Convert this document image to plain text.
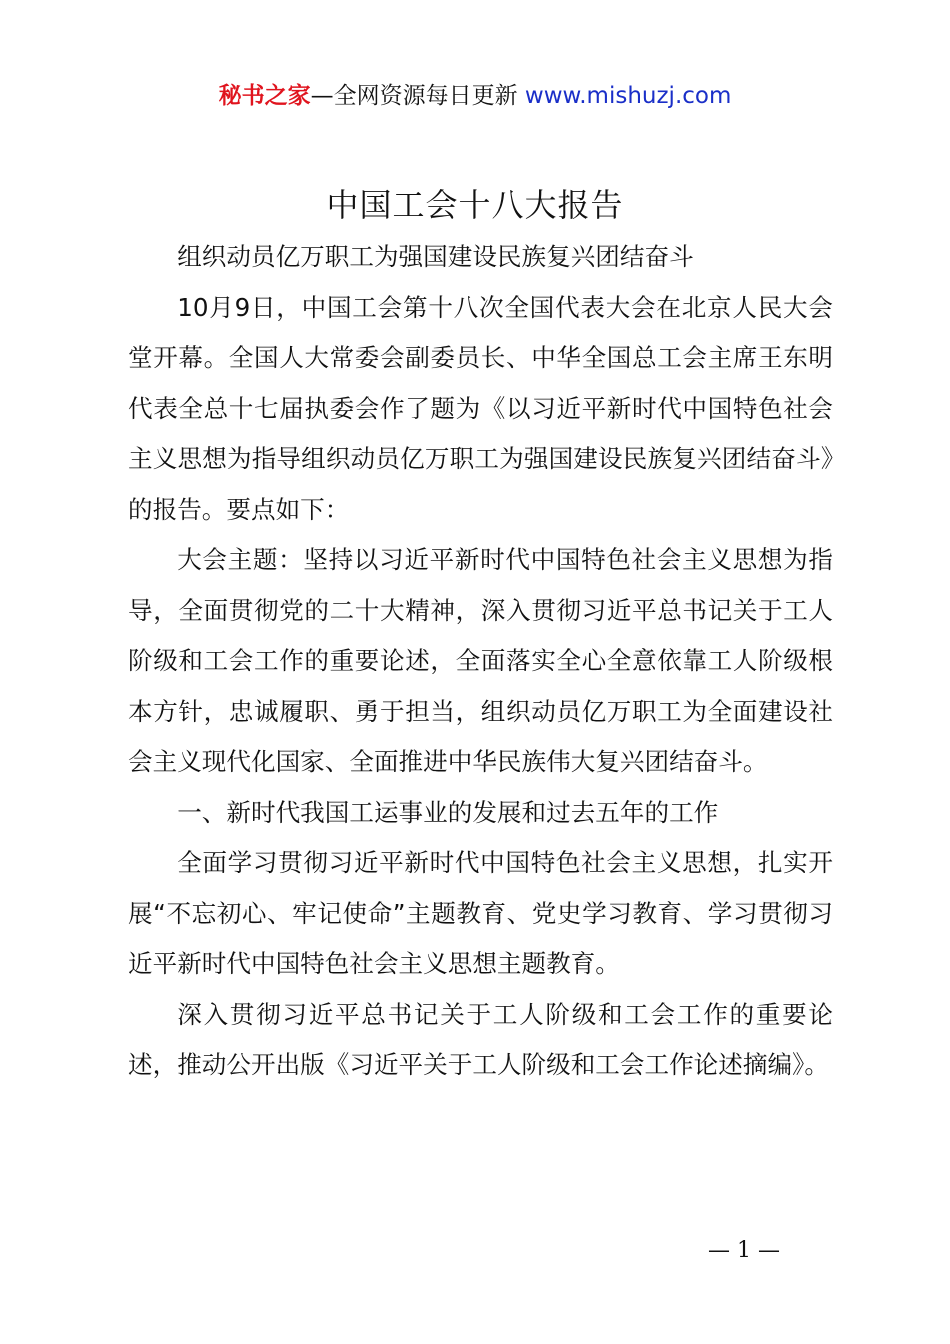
秘书之家—全网资源每日更新 www.mishuzj.com
中国工会十八大报告

组织动员亿万职工为强国建设民族复兴团结奋斗

10月9日，中国工会第十八次全国代表大会在北京人民大会堂开幕。全国人大常委会副委员长、中华全国总工会主席王东明代表全总十七届执委会作了题为《以习近平新时代中国特色社会主义思想为指导组织动员亿万职工为强国建设民族复兴团结奋斗》的报告。要点如下：

大会主题：坚持以习近平新时代中国特色社会主义思想为指导，全面贯彻党的二十大精神，深入贯彻习近平总书记关于工人阶级和工会工作的重要论述，全面落实全心全意依靠工人阶级根本方针，忠诚履职、勇于担当，组织动员亿万职工为全面建设社会主义现代化国家、全面推进中华民族伟大复兴团结奋斗。

一、新时代我国工运事业的发展和过去五年的工作

全面学习贯彻习近平新时代中国特色社会主义思想，扎实开展“不忘初心、牢记使命”主题教育、党史学习教育、学习贯彻习近平新时代中国特色社会主义思想主题教育。

深入贯彻习近平总书记关于工人阶级和工会工作的重要论述，推动公开出版《习近平关于工人阶级和工会工作论述摘编》。

— 1 —
